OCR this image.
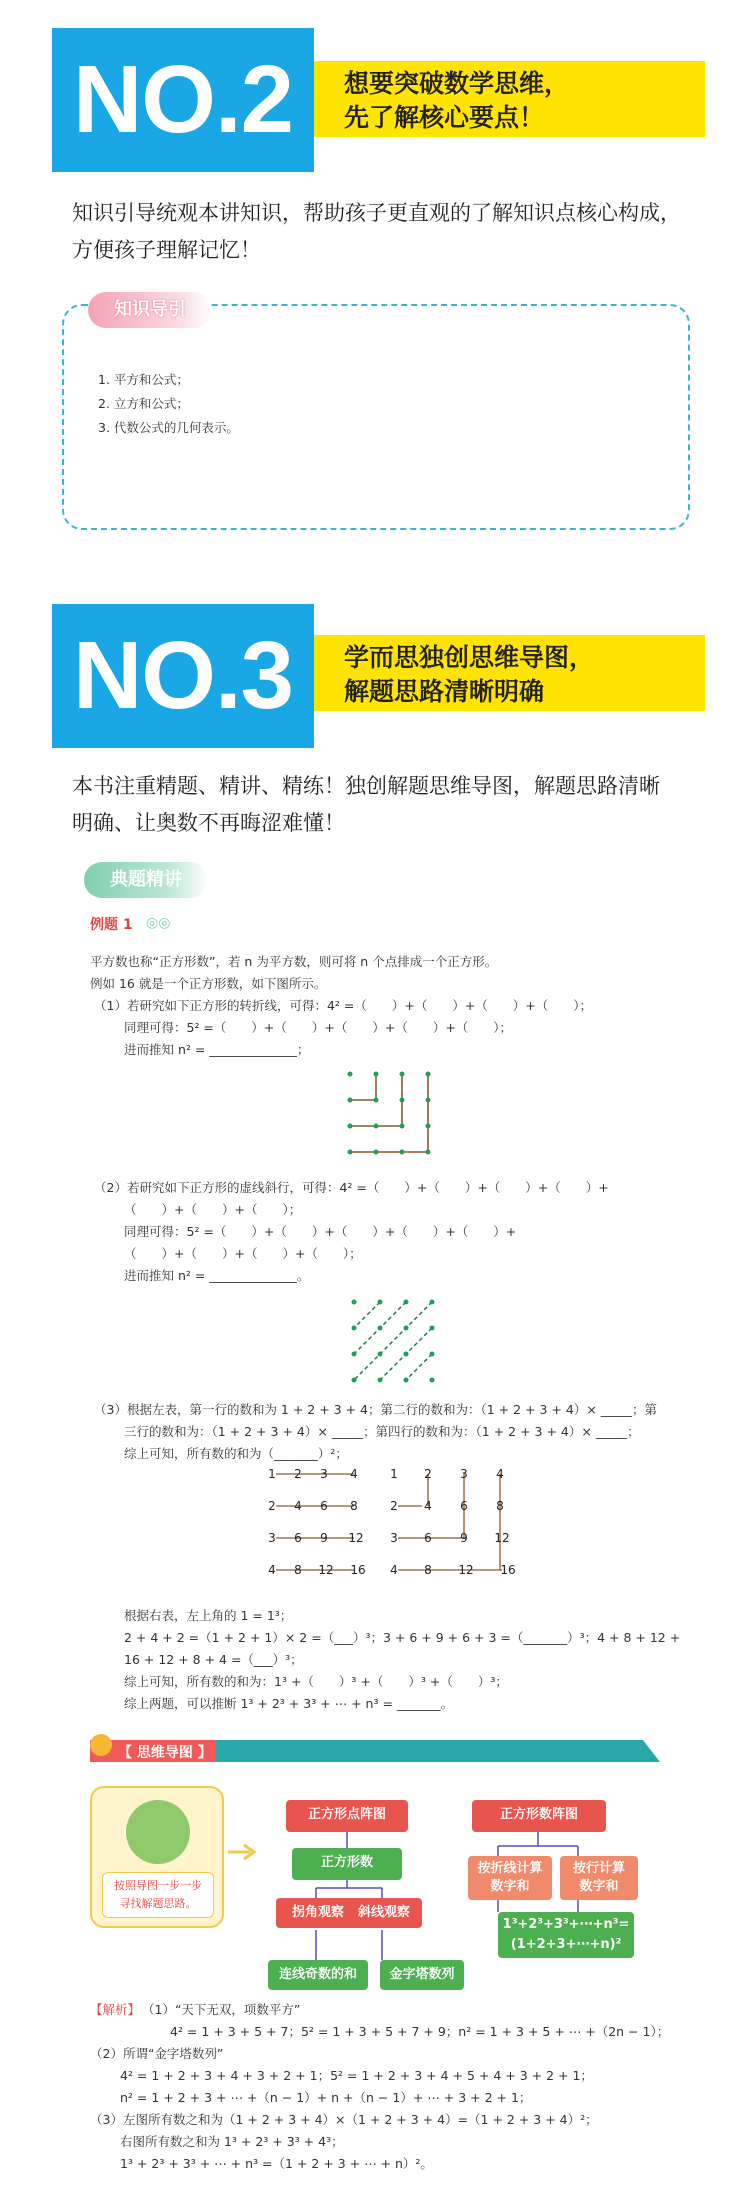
NO.2	想要突破数学思维，
先了解核心要点！
知识引导统观本讲知识，帮助孩子更直观的了解知识点核心构成，
方便孩子理解记忆！
知识导引
1. 平方和公式；
2. 立方和公式；
3. 代数公式的几何表示。
NO.3	学而思独创思维导图，
解题思路清晰明确
本书注重精题、精讲、精练！独创解题思维导图，解题思路清晰
明确、让奥数不再晦涩难懂！
典题精讲
例题 1 ◎◎
平方数也称“正方形数”，若 n 为平方数，则可将 n 个点排成一个正方形。
例如 16 就是一个正方形数，如下图所示。
（1）若研究如下正方形的转折线，可得：4² =（　　）+（　　）+（　　）+（　　）；
同理可得：5² =（　　）+（　　）+（　　）+（　　）+（　　）；
进而推知 n² = ______________；
（2）若研究如下正方形的虚线斜行，可得：4² =（　　）+（　　）+（　　）+（　　）+
（　　）+（　　）+（　　）；
同理可得：5² =（　　）+（　　）+（　　）+（　　）+（　　）+
（　　）+（　　）+（　　）+（　　）；
进而推知 n² = ______________。
（3）根据左表，第一行的数和为 1 + 2 + 3 + 4；第二行的数和为：（1 + 2 + 3 + 4）× _____；第
三行的数和为：（1 + 2 + 3 + 4）× _____；第四行的数和为：（1 + 2 + 3 + 4）× _____；
综上可知，所有数的和为（_______）²；
1 2 3 4
2 4 6 8
3 6 9 12
4 8 12 16
1 2 3 4
2 4 6 8
3 6 9 12
4 8 12 16
根据右表，左上角的 1 = 1³；
2 + 4 + 2 =（1 + 2 + 1）× 2 =（___）³；3 + 6 + 9 + 6 + 3 =（_______）³；4 + 8 + 12 +
16 + 12 + 8 + 4 =（___）³；
综上可知，所有数的和为：1³ +（　　）³ +（　　）³ +（　　）³；
综上两题，可以推断 1³ + 2³ + 3³ + ⋯ + n³ = _______。
【 思维导图 】
按照导图一步一步
寻找解题思路。
正方形点阵图
正方形数
拐角观察	斜线观察
连线奇数的和	金字塔数列
正方形数阵图
按折线计算
数字和
按行计算
数字和
1³+2³+3³+⋯+n³=
(1+2+3+⋯+n)²
【解析】 （1）“天下无双，项数平方”
4² = 1 + 3 + 5 + 7；5² = 1 + 3 + 5 + 7 + 9；n² = 1 + 3 + 5 + ⋯ +（2n − 1）；
（2）所谓“金字塔数列”
4² = 1 + 2 + 3 + 4 + 3 + 2 + 1；5² = 1 + 2 + 3 + 4 + 5 + 4 + 3 + 2 + 1；
n² = 1 + 2 + 3 + ⋯ +（n − 1）+ n +（n − 1）+ ⋯ + 3 + 2 + 1；
（3）左图所有数之和为（1 + 2 + 3 + 4）×（1 + 2 + 3 + 4）=（1 + 2 + 3 + 4）²；
右图所有数之和为 1³ + 2³ + 3³ + 4³；
1³ + 2³ + 3³ + ⋯ + n³ =（1 + 2 + 3 + ⋯ + n）²。
